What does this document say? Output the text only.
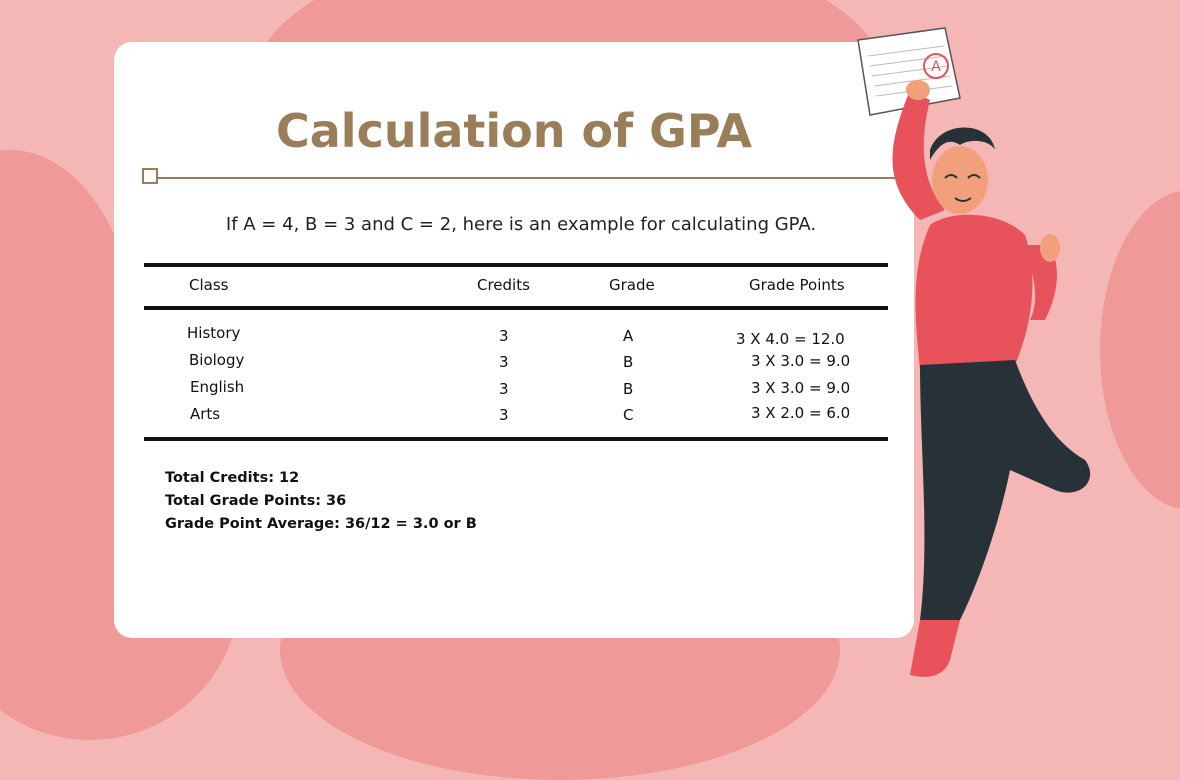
Calculation of GPA
If A = 4, B = 3 and C = 2, here is an example for calculating GPA.
Class	Credits	Grade	Grade Points
History	3	A	3 X 4.0 = 12.0
Biology	3	B	3 X 3.0 = 9.0
English	3	B	3 X 3.0 = 9.0
Arts	3	C	3 X 2.0 = 6.0
Total Credits: 12
Total Grade Points: 36
Grade Point Average: 36/12 = 3.0 or B
A
